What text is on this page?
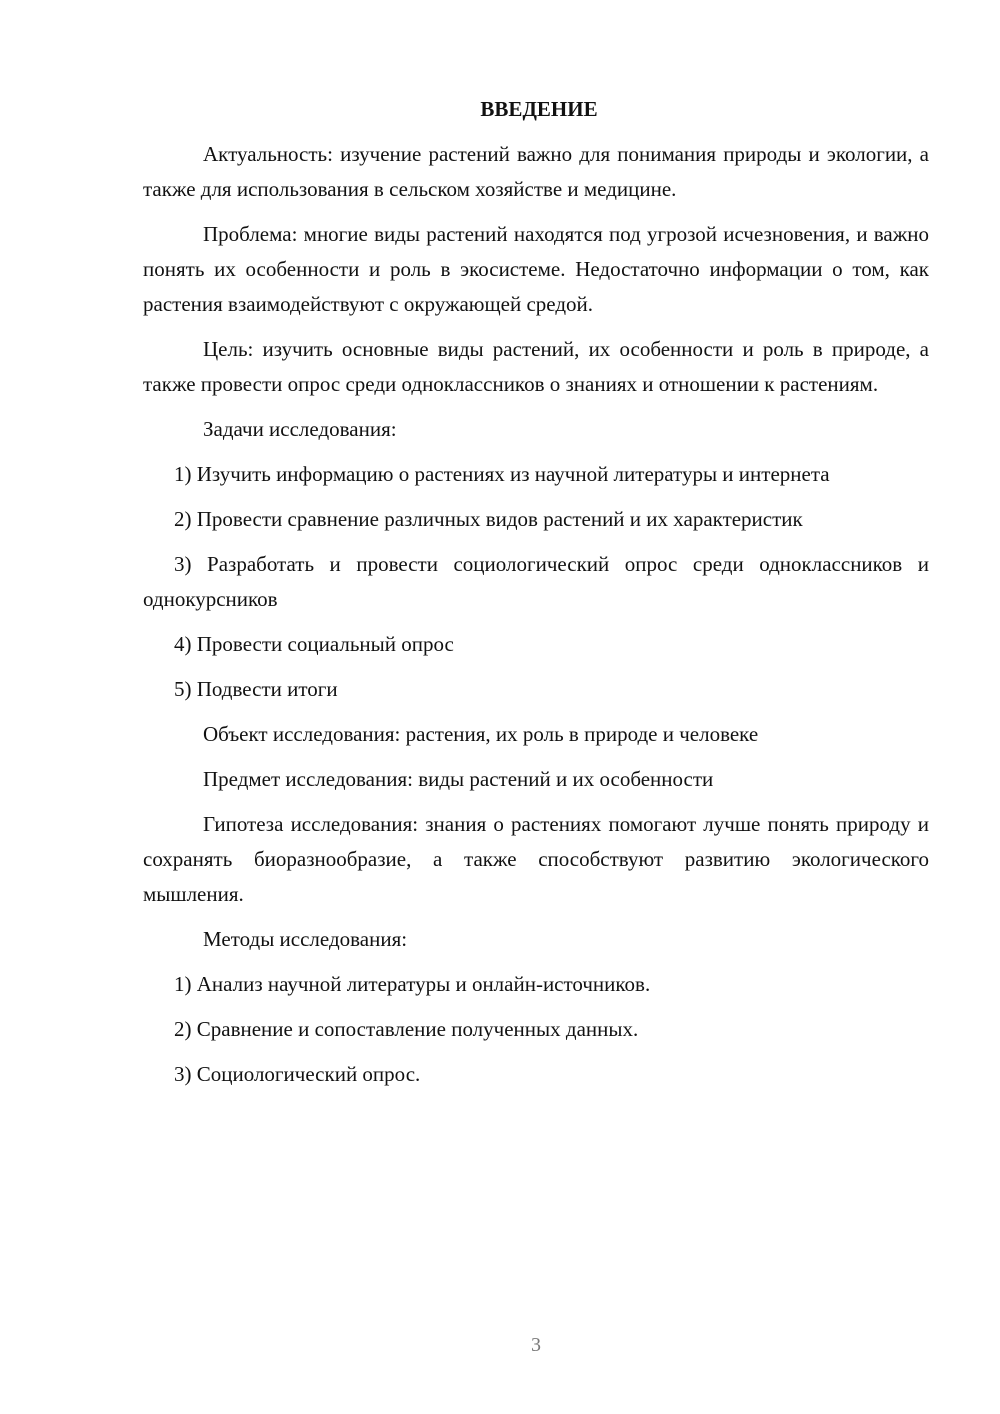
ВВЕДЕНИЕ

Актуальность: изучение растений важно для понимания природы и экологии, а также для использования в сельском хозяйстве и медицине.

Проблема: многие виды растений находятся под угрозой исчезновения, и важно понять их особенности и роль в экосистеме. Недостаточно информации о том, как растения взаимодействуют с окружающей средой.

Цель: изучить основные виды растений, их особенности и роль в природе, а также провести опрос среди одноклассников о знаниях и отношении к растениям.

Задачи исследования:

1) Изучить информацию о растениях из научной литературы и интернета

2) Провести сравнение различных видов растений и их характеристик

3) Разработать и провести социологический опрос среди одноклассников и однокурсников

4) Провести социальный опрос

5) Подвести итоги

Объект исследования: растения, их роль в природе и человеке

Предмет исследования: виды растений и их особенности

Гипотеза исследования: знания о растениях помогают лучше понять природу и сохранять биоразнообразие, а также способствуют развитию экологического мышления.

Методы исследования:

1) Анализ научной литературы и онлайн-источников.

2) Сравнение и сопоставление полученных данных.

3) Социологический опрос.

3
